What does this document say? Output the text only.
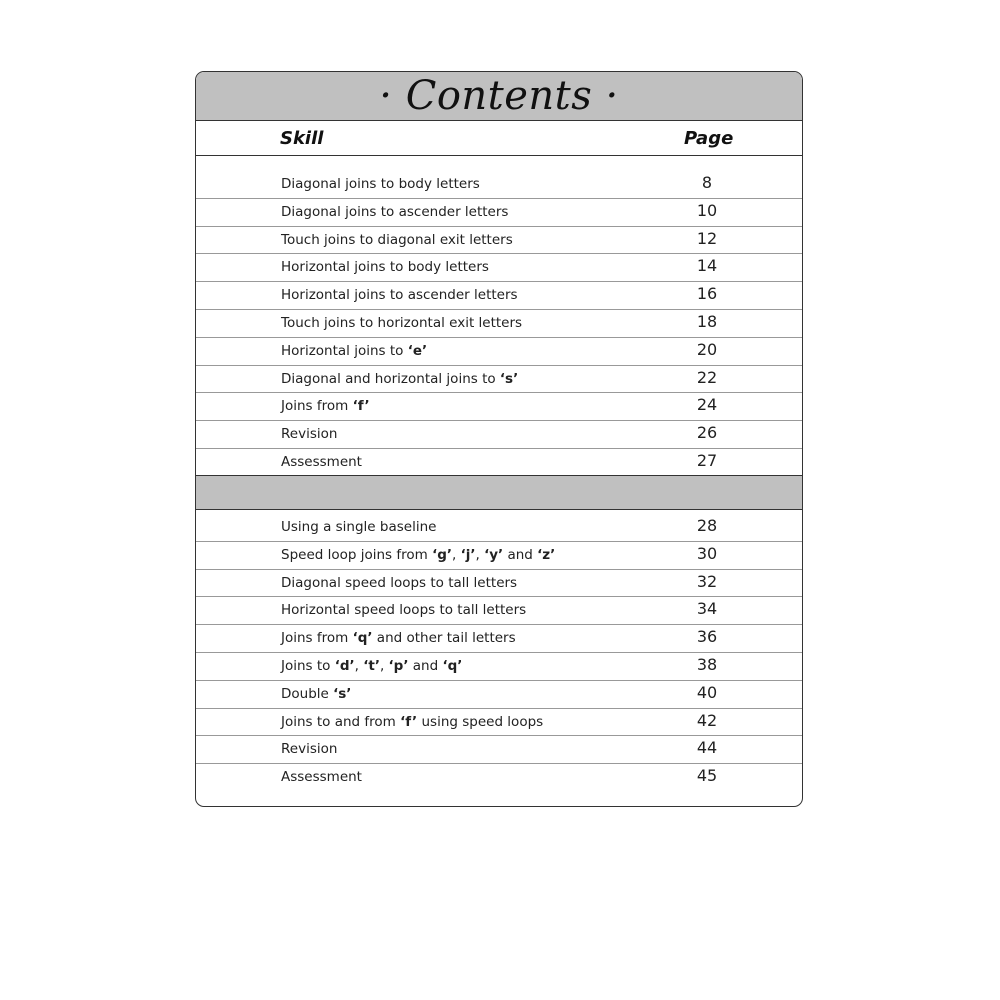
· Contents ·
Skill	Page
Diagonal joins to body letters	8
Diagonal joins to ascender letters	10
Touch joins to diagonal exit letters	12
Horizontal joins to body letters	14
Horizontal joins to ascender letters	16
Touch joins to horizontal exit letters	18
Horizontal joins to ‘e’	20
Diagonal and horizontal joins to ‘s’	22
Joins from ‘f’	24
Revision	26
Assessment	27
Using a single baseline	28
Speed loop joins from ‘g’, ‘j’, ‘y’ and ‘z’	30
Diagonal speed loops to tall letters	32
Horizontal speed loops to tall letters	34
Joins from ‘q’ and other tail letters	36
Joins to ‘d’, ‘t’, ‘p’ and ‘q’	38
Double ‘s’	40
Joins to and from ‘f’ using speed loops	42
Revision	44
Assessment	45
